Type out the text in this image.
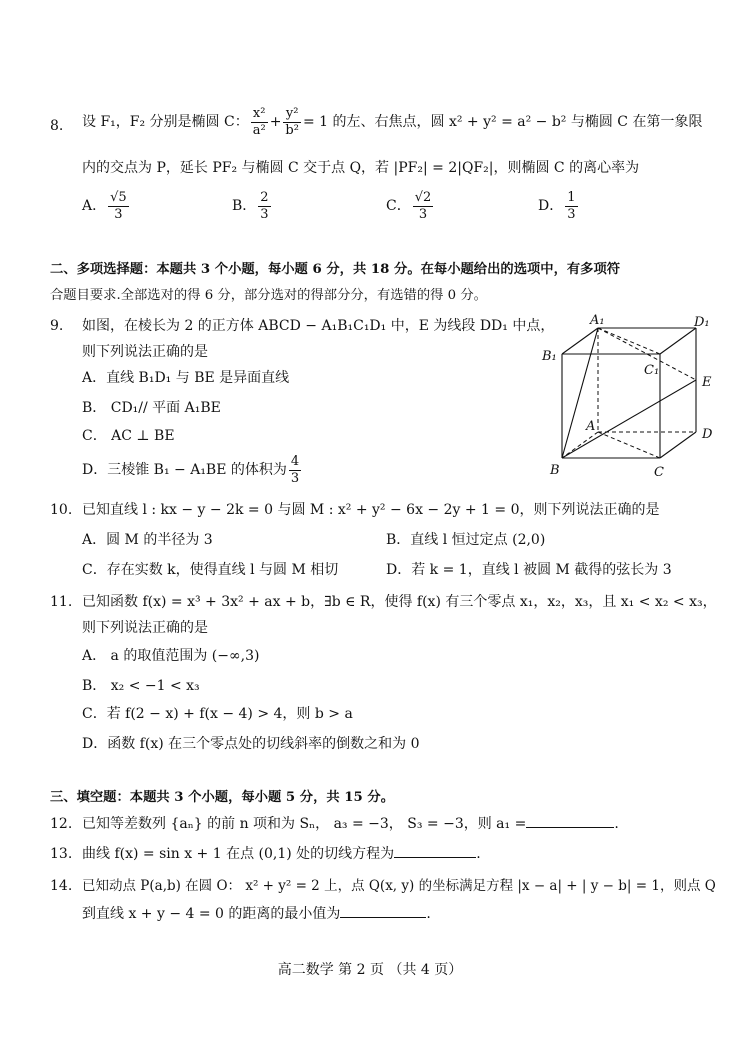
8. 设 F₁，F₂ 分别是椭圆 C： $\frac{\text{x²}}{\text{a²}} + \frac{\text{y²}}{\text{b²}} = 1$ 的左、右焦点，圆 x² + y² = a² − b² 与椭圆 C 在第一象限
内的交点为 P，延长 PF₂ 与椭圆 C 交于点 Q，若 |PF₂| = 2|QF₂|，则椭圆 C 的离心率为
A． $\frac{√5}{3}$	B． $\frac{2}{3}$	C． $\frac{√2}{3}$	D． $\frac{1}{3}$
二、多项选择题：本题共 3 个小题，每小题 6 分，共 18 分。在每小题给出的选项中，有多项符
合题目要求.全部选对的得 6 分，部分选对的得部分分，有选错的得 0 分。
9. 如图，在棱长为 2 的正方体 ABCD − A₁B₁C₁D₁ 中，E 为线段 DD₁ 中点，
则下列说法正确的是
A．直线 B₁D₁ 与 BE 是异面直线
B． CD₁// 平面 A₁BE
C． AC ⊥ BE
D．三棱锥 B₁ − A₁BE 的体积为 $\frac{4}{3}$
A₁	D₁
B₁
C₁
E
A
D
B	C
10. 已知直线 l : kx − y − 2k = 0 与圆 M : x² + y² − 6x − 2y + 1 = 0，则下列说法正确的是
A．圆 M 的半径为 3	B．直线 l 恒过定点 (2,0)
C．存在实数 k，使得直线 l 与圆 M 相切	D．若 k = 1，直线 l 被圆 M 截得的弦长为 3
11. 已知函数 f(x) = x³ + 3x² + ax + b，∃b ∈ R，使得 f(x) 有三个零点 x₁，x₂，x₃，且 x₁ < x₂ < x₃，
则下列说法正确的是
A． a 的取值范围为 (−∞,3)
B． x₂ < −1 < x₃
C．若 f(2 − x) + f(x − 4) > 4，则 b > a
D．函数 f(x) 在三个零点处的切线斜率的倒数之和为 0
三、填空题：本题共 3 个小题，每小题 5 分，共 15 分。
12. 已知等差数列 {aₙ} 的前 n 项和为 Sₙ， a₃ = −3， S₃ = −3，则 a₁ =	.
13. 曲线 f(x) = sin x + 1 在点 (0,1) 处的切线方程为	.
14. 已知动点 P(a,b) 在圆 O： x² + y² = 2 上，点 Q(x, y) 的坐标满足方程 |x − a| + | y − b| = 1，则点 Q
到直线 x + y − 4 = 0 的距离的最小值为	.
高二数学 第 2 页 （共 4 页）
